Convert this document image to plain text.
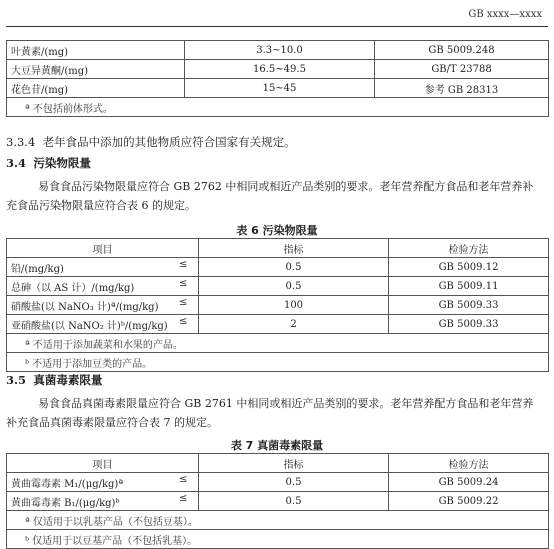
GB xxxx—xxxx
叶黄素/(mg)	3.3~10.0	GB 5009.248
大豆异黄酮/(mg)	16.5~49.5	GB/T 23788
花色苷/(mg)	15~45	参考 GB 28313
ª 不包括前体形式。		
3.3.4 老年食品中添加的其他物质应符合国家有关规定。
3.4 污染物限量
易食食品污染物限量应符合 GB 2762 中相同或相近产品类别的要求。老年营养配方食品和老年营养补充食品污染物限量应符合表 6 的规定。
表 6 污染物限量
项目	指标	检验方法
铅/(mg/kg) ≤	0.5	GB 5009.12
总砷（以 AS 计）/(mg/kg) ≤	0.5	GB 5009.11
硝酸盐(以 NaNO₃ 计)ª/(mg/kg) ≤	100	GB 5009.33
亚硝酸盐(以 NaNO₂ 计)ᵇ/(mg/kg) ≤	2	GB 5009.33
ª 不适用于添加蔬菜和水果的产品。		
ᵇ 不适用于添加豆类的产品。		
3.5 真菌毒素限量
易食食品真菌毒素限量应符合 GB 2761 中相同或相近产品类别的要求。老年营养配方食品和老年营养补充食品真菌毒素限量应符合表 7 的规定。
表 7 真菌毒素限量
项目	指标	检验方法
黄曲霉毒素 M₁/(μg/kg)ª ≤	0.5	GB 5009.24
黄曲霉毒素 B₁/(μg/kg)ᵇ ≤	0.5	GB 5009.22
ª 仅适用于以乳基产品（不包括豆基）。		
ᵇ 仅适用于以豆基产品（不包括乳基）。		
